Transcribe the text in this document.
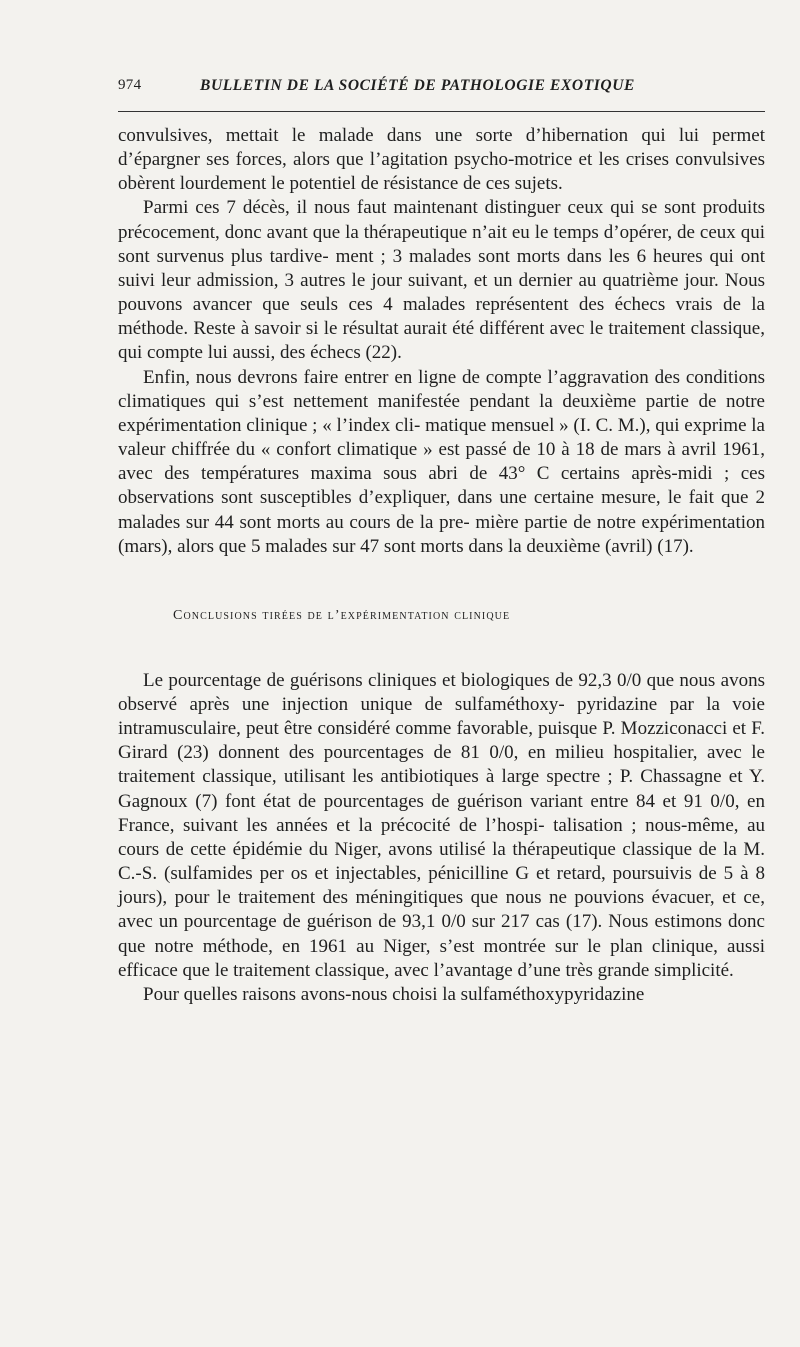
974	BULLETIN DE LA SOCIÉTÉ DE PATHOLOGIE EXOTIQUE

convulsives, mettait le malade dans une sorte d’hibernation qui lui permet d’épargner ses forces, alors que l’agitation psycho-motrice et les crises convulsives obèrent lourdement le potentiel de résistance de ces sujets.

Parmi ces 7 décès, il nous faut maintenant distinguer ceux qui se sont produits précocement, donc avant que la thérapeutique n’ait eu le temps d’opérer, de ceux qui sont survenus plus tardive- ment ; 3 malades sont morts dans les 6 heures qui ont suivi leur admission, 3 autres le jour suivant, et un dernier au quatrième jour. Nous pouvons avancer que seuls ces 4 malades représentent des échecs vrais de la méthode. Reste à savoir si le résultat aurait été différent avec le traitement classique, qui compte lui aussi, des échecs (22).

Enfin, nous devrons faire entrer en ligne de compte l’aggravation des conditions climatiques qui s’est nettement manifestée pendant la deuxième partie de notre expérimentation clinique ; « l’index cli- matique mensuel » (I. C. M.), qui exprime la valeur chiffrée du « confort climatique » est passé de 10 à 18 de mars à avril 1961, avec des températures maxima sous abri de 43° C certains après-midi ; ces observations sont susceptibles d’expliquer, dans une certaine mesure, le fait que 2 malades sur 44 sont morts au cours de la pre- mière partie de notre expérimentation (mars), alors que 5 malades sur 47 sont morts dans la deuxième (avril) (17).

Conclusions tirées de l’expérimentation clinique

Le pourcentage de guérisons cliniques et biologiques de 92,3 0/0 que nous avons observé après une injection unique de sulfaméthoxy- pyridazine par la voie intramusculaire, peut être considéré comme favorable, puisque P. Mozziconacci et F. Girard (23) donnent des pourcentages de 81 0/0, en milieu hospitalier, avec le traitement classique, utilisant les antibiotiques à large spectre ; P. Chassagne et Y. Gagnoux (7) font état de pourcentages de guérison variant entre 84 et 91 0/0, en France, suivant les années et la précocité de l’hospi- talisation ; nous-même, au cours de cette épidémie du Niger, avons utilisé la thérapeutique classique de la M. C.-S. (sulfamides per os et injectables, pénicilline G et retard, poursuivis de 5 à 8 jours), pour le traitement des méningitiques que nous ne pouvions évacuer, et ce, avec un pourcentage de guérison de 93,1 0/0 sur 217 cas (17). Nous estimons donc que notre méthode, en 1961 au Niger, s’est montrée sur le plan clinique, aussi efficace que le traitement classique, avec l’avantage d’une très grande simplicité.

Pour quelles raisons avons-nous choisi la sulfaméthoxypyridazine
